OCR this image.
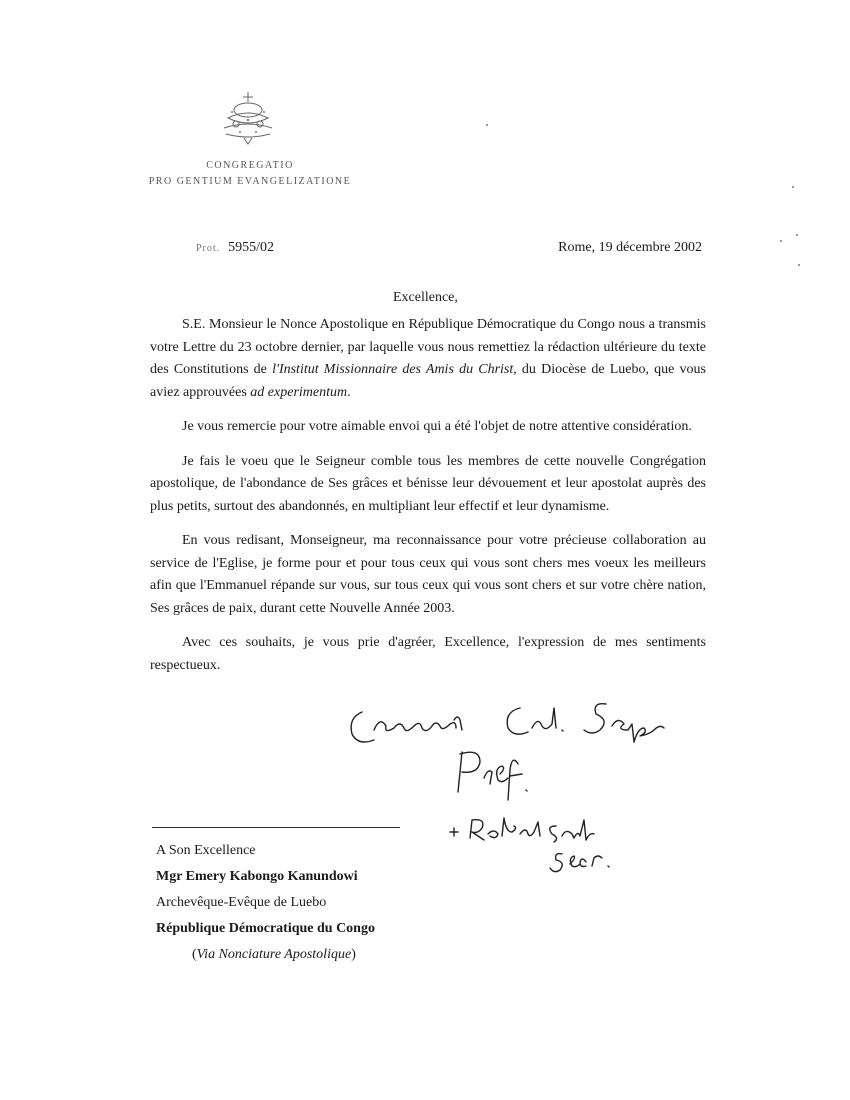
CONGREGATIO
PRO GENTIUM EVANGELIZATIONE
Prot. 5955/02	Rome, 19 décembre 2002
Excellence,

S.E. Monsieur le Nonce Apostolique en République Démocratique du Congo nous a transmis votre Lettre du 23 octobre dernier, par laquelle vous nous remettiez la rédaction ultérieure du texte des Constitutions de l'Institut Missionnaire des Amis du Christ, du Diocèse de Luebo, que vous aviez approuvées ad experimentum.

Je vous remercie pour votre aimable envoi qui a été l'objet de notre attentive considération.

Je fais le voeu que le Seigneur comble tous les membres de cette nouvelle Congrégation apostolique, de l'abondance de Ses grâces et bénisse leur dévouement et leur apostolat auprès des plus petits, surtout des abandonnés, en multipliant leur effectif et leur dynamisme.

En vous redisant, Monseigneur, ma reconnaissance pour votre précieuse collaboration au service de l'Eglise, je forme pour et pour tous ceux qui vous sont chers mes voeux les meilleurs afin que l'Emmanuel répande sur vous, sur tous ceux qui vous sont chers et sur votre chère nation, Ses grâces de paix, durant cette Nouvelle Année 2003.

Avec ces souhaits, je vous prie d'agréer, Excellence, l'expression de mes sentiments respectueux.

A Son Excellence
Mgr Emery Kabongo Kanundowi
Archevêque-Evêque de Luebo
République Démocratique du Congo
(Via Nonciature Apostolique)
